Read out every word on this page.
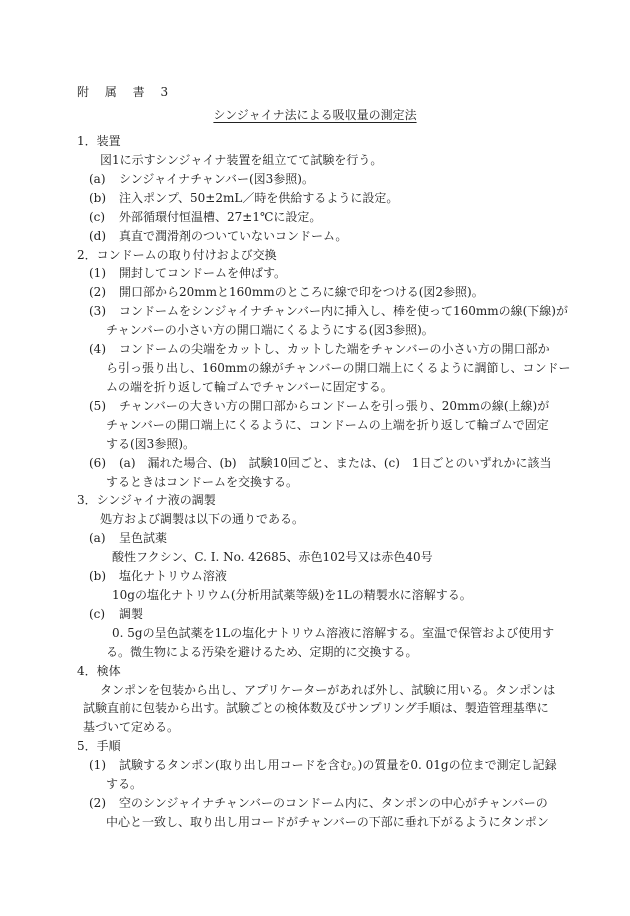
附 属 書 3
シンジャイナ法による吸収量の測定法
1．装置
図1に示すシンジャイナ装置を組立てて試験を行う。
(a) シンジャイナチャンバー(図3参照)。
(b) 注入ポンプ、50±2mL／時を供給するように設定。
(c) 外部循環付恒温槽、27±1℃に設定。
(d) 真直で潤滑剤のついていないコンドーム。
2．コンドームの取り付けおよび交換
(1) 開封してコンドームを伸ばす。
(2) 開口部から20mmと160mmのところに線で印をつける(図2参照)。
(3) コンドームをシンジャイナチャンバー内に挿入し、棒を使って160mmの線(下線)が
チャンバーの小さい方の開口端にくるようにする(図3参照)。
(4) コンドームの尖端をカットし、カットした端をチャンバーの小さい方の開口部か
ら引っ張り出し、160mmの線がチャンバーの開口端上にくるように調節し、コンドー
ムの端を折り返して輪ゴムでチャンバーに固定する。
(5) チャンバーの大きい方の開口部からコンドームを引っ張り、20mmの線(上線)が
チャンバーの開口端上にくるように、コンドームの上端を折り返して輪ゴムで固定
する(図3参照)。
(6) (a)　漏れた場合、(b)　試験10回ごと、または、(c)　1日ごとのいずれかに該当
するときはコンドームを交換する。
3．シンジャイナ液の調製
処方および調製は以下の通りである。
(a) 呈色試薬
酸性フクシン、C. I. No. 42685、赤色102号又は赤色40号
(b) 塩化ナトリウム溶液
10gの塩化ナトリウム(分析用試薬等級)を1Lの精製水に溶解する。
(c) 調製
0. 5gの呈色試薬を1Lの塩化ナトリウム溶液に溶解する。室温で保管および使用す
る。微生物による汚染を避けるため、定期的に交換する。
4．検体
タンポンを包装から出し、アプリケーターがあれば外し、試験に用いる。タンポンは
試験直前に包装から出す。試験ごとの検体数及びサンプリング手順は、製造管理基準に
基づいて定める。
5．手順
(1) 試験するタンポン(取り出し用コードを含む。)の質量を0. 01gの位まで測定し記録
する。
(2) 空のシンジャイナチャンバーのコンドーム内に、タンポンの中心がチャンバーの
中心と一致し、取り出し用コードがチャンバーの下部に垂れ下がるようにタンポン
